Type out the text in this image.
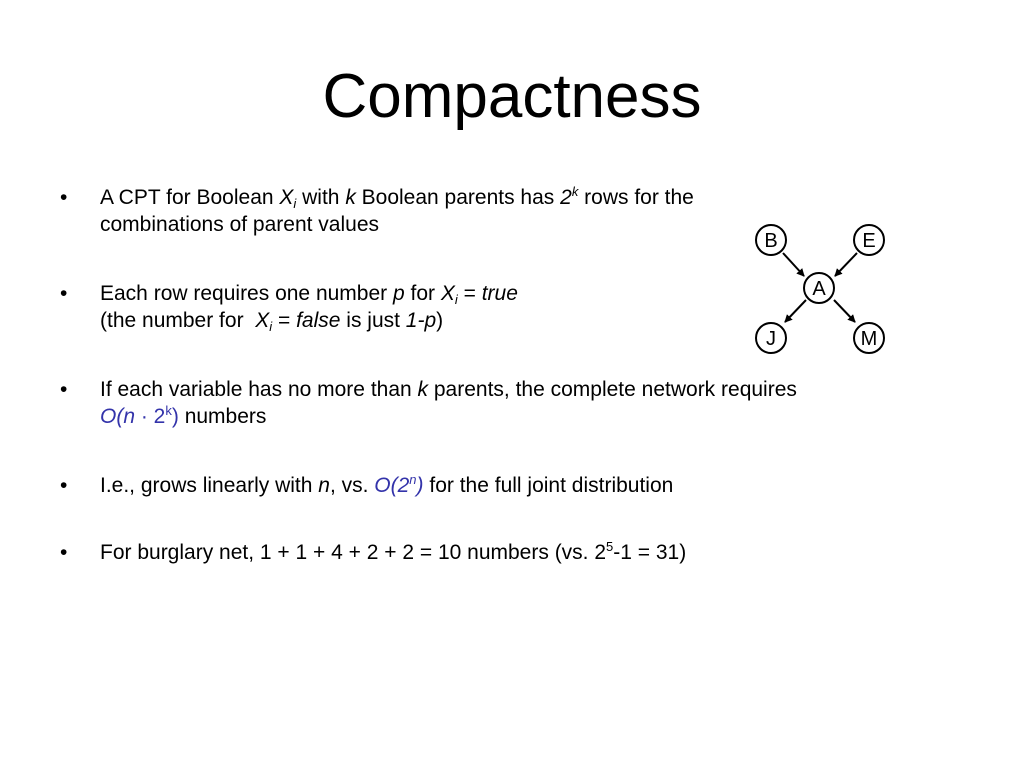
Compactness
•	A CPT for Boolean $X_i$ with k Boolean parents has 2$^k$ rows for the
combinations of parent values
•	Each row requires one number p for $X_i$ = true
(the number for  $X_i$ = false is just 1-p)
•	If each variable has no more than k parents, the complete network requires
$O(n \cdot 2^k)$ numbers
•	I.e., grows linearly with n, vs. O(2$^n$) for the full joint distribution
•	For burglary net, 1 + 1 + 4 + 2 + 2 = 10 numbers (vs. $2^5-1 = 31$)
B	E
A
J	M
